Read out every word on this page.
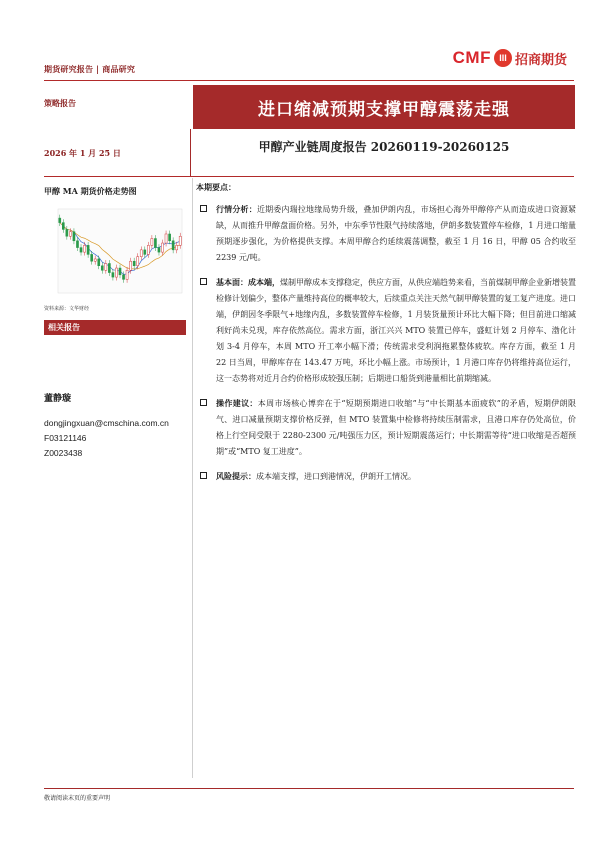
期货研究报告 | 商品研究
CMF III 招商期货
策略报告	进口缩减预期支撑甲醇震荡走强
2026 年 1 月 25 日	甲醇产业链周度报告 20260119-20260125
甲醇 MA 期货价格走势图
资料来源：文华财经
相关报告
董静璇
dongjingxuan@cmschina.com.cn
F03121146
Z0023438
本期要点：
行情分析：近期委内瑞拉地缘局势升级，叠加伊朗内乱，市场担心海外甲醇停产从而造成进口资源紧缺，从而推升甲醇盘面价格。另外，中东季节性限气持续落地，伊朗多数装置停车检修，1 月进口缩量预期逐步强化，为价格提供支撑。本周甲醇合约延续震荡调整，截至 1 月 16 日，甲醇 05 合约收至 2239 元/吨。
基本面：成本端，煤制甲醇成本支撑稳定，供应方面，从供应端趋势来看，当前煤制甲醇企业新增装置检修计划偏少，整体产量维持高位的概率较大，后续重点关注天然气制甲醇装置的复工复产进度。进口端，伊朗因冬季限气+地缘内乱，多数装置停车检修，1 月装货量预计环比大幅下降；但目前进口缩减利好尚未兑现，库存依然高位。需求方面，浙江兴兴 MTO 装置已停车，盛虹计划 2 月停车、渤化计划 3-4 月停车，本周 MTO 开工率小幅下滑；传统需求受利润拖累整体疲软。库存方面，截至 1 月 22 日当周，甲醇库存在 143.47 万吨，环比小幅上涨。市场预计，1 月港口库存仍将维持高位运行，这一态势将对近月合约价格形成较强压制；后期进口船货到港量相比前期缩减。
操作建议：本周市场核心博弈在于“短期预期进口收缩”与“中长期基本面疲软”的矛盾，短期伊朗限气、进口减量预期支撑价格反弹，但 MTO 装置集中检修将持续压制需求，且港口库存仍处高位，价格上行空间受限于 2280-2300 元/吨强压力区，预计短期震荡运行；中长期需等待“进口收缩是否超预期”或“MTO 复工进度”。
风险提示：成本端支撑，进口到港情况，伊朗开工情况。
敬请阅读末页的重要声明
